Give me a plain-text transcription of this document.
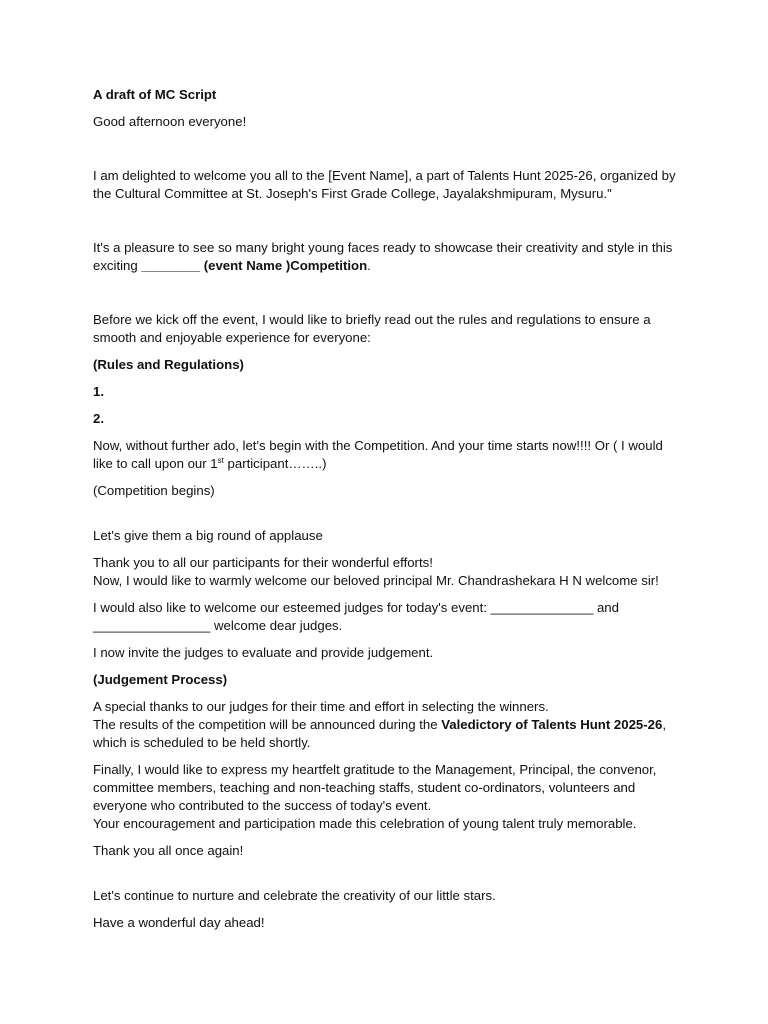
A draft of MC Script

Good afternoon everyone!

I am delighted to welcome you all to the [Event Name], a part of Talents Hunt 2025-26, organized by the Cultural Committee at St. Joseph's First Grade College, Jayalakshmipuram, Mysuru."

It's a pleasure to see so many bright young faces ready to showcase their creativity and style in this exciting ________ (event Name )Competition.

Before we kick off the event, I would like to briefly read out the rules and regulations to ensure a smooth and enjoyable experience for everyone:

(Rules and Regulations)

1.

2.

Now, without further ado, let's begin with the Competition. And your time starts now!!!! Or ( I would like to call upon our 1st participant……..)

(Competition begins)

Let's give them a big round of applause

Thank you to all our participants for their wonderful efforts!

Now, I would like to warmly welcome our beloved principal Mr. Chandrashekara H N welcome sir!

I would also like to welcome our esteemed judges for today's event: ______________ and ________________ welcome dear judges.

I now invite the judges to evaluate and provide judgement.

(Judgement Process)

A special thanks to our judges for their time and effort in selecting the winners.

The results of the competition will be announced during the Valedictory of Talents Hunt 2025-26, which is scheduled to be held shortly.

Finally, I would like to express my heartfelt gratitude to the Management, Principal, the convenor, committee members, teaching and non-teaching staffs, student co-ordinators, volunteers and everyone who contributed to the success of today's event.

Your encouragement and participation made this celebration of young talent truly memorable.

Thank you all once again!

Let's continue to nurture and celebrate the creativity of our little stars.

Have a wonderful day ahead!
